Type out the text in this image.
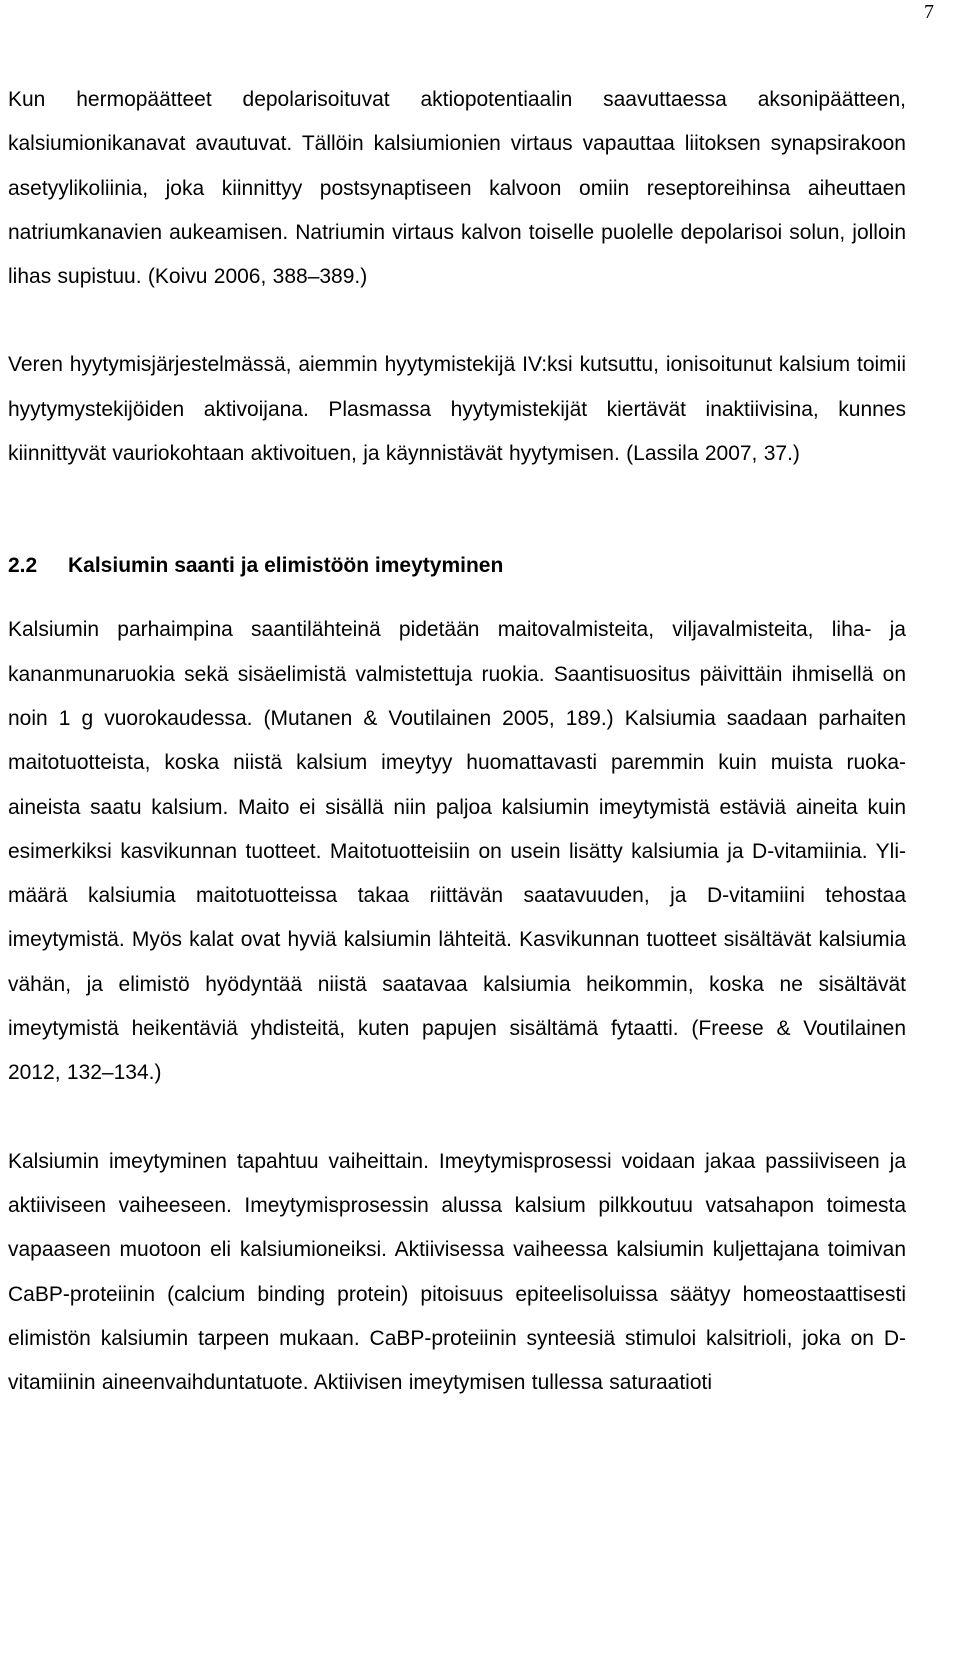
7

Kun hermopäätteet depolarisoituvat aktiopotentiaalin saavuttaessa aksonipäätteen, kalsiumionikanavat avautuvat. Tällöin kalsiumionien virtaus vapauttaa liitoksen synapsirakoon asetyylikoliinia, joka kiinnittyy postsynaptiseen kalvoon omiin reseptoreihinsa aiheuttaen natriumkanavien aukeamisen. Natriumin virtaus kalvon toiselle puolelle depolarisoi solun, jolloin lihas supistuu. (Koivu 2006, 388–389.)

Veren hyytymisjärjestelmässä, aiemmin hyytymistekijä IV:ksi kutsuttu, ionisoitunut kalsium toimii hyytymystekijöiden aktivoijana. Plasmassa hyytymistekijät kiertävät inaktiivisina, kunnes kiinnittyvät vauriokohtaan aktivoituen, ja käynnistävät hyytymisen. (Lassila 2007, 37.)

2.2	Kalsiumin saanti ja elimistöön imeytyminen

Kalsiumin parhaimpina saantilähteinä pidetään maitovalmisteita, viljavalmisteita, liha- ja kananmunaruokia sekä sisäelimistä valmistettuja ruokia. Saantisuositus päivittäin ihmisellä on noin 1 g vuorokaudessa. (Mutanen & Voutilainen 2005, 189.) Kalsiumia saadaan parhaiten maitotuotteista, koska niistä kalsium imeytyy huomattavasti paremmin kuin muista ruoka-aineista saatu kalsium. Maito ei sisällä niin paljoa kalsiumin imeytymistä estäviä aineita kuin esimerkiksi kasvikunnan tuotteet. Maitotuotteisiin on usein lisätty kalsiumia ja D-vitamiinia. Ylimäärä kalsiumia maitotuotteissa takaa riittävän saatavuuden, ja D-vitamiini tehostaa imeytymistä. Myös kalat ovat hyviä kalsiumin lähteitä. Kasvikunnan tuotteet sisältävät kalsiumia vähän, ja elimistö hyödyntää niistä saatavaa kalsiumia heikommin, koska ne sisältävät imeytymistä heikentäviä yhdisteitä, kuten papujen sisältämä fytaatti. (Freese & Voutilainen 2012, 132–134.)

Kalsiumin imeytyminen tapahtuu vaiheittain. Imeytymisprosessi voidaan jakaa passiiviseen ja aktiiviseen vaiheeseen. Imeytymisprosessin alussa kalsium pilkkoutuu vatsahapon toimesta vapaaseen muotoon eli kalsiumioneiksi. Aktiivisessa vaiheessa kalsiumin kuljettajana toimivan CaBP-proteiinin (calcium binding protein) pitoisuus epiteelisoluissa säätyy homeostaattisesti elimistön kalsiumin tarpeen mukaan. CaBP-proteiinin synteesiä stimuloi kalsitrioli, joka on D-vitamiinin aineenvaihduntatuote. Aktiivisen imeytymisen tullessa saturaatioti
